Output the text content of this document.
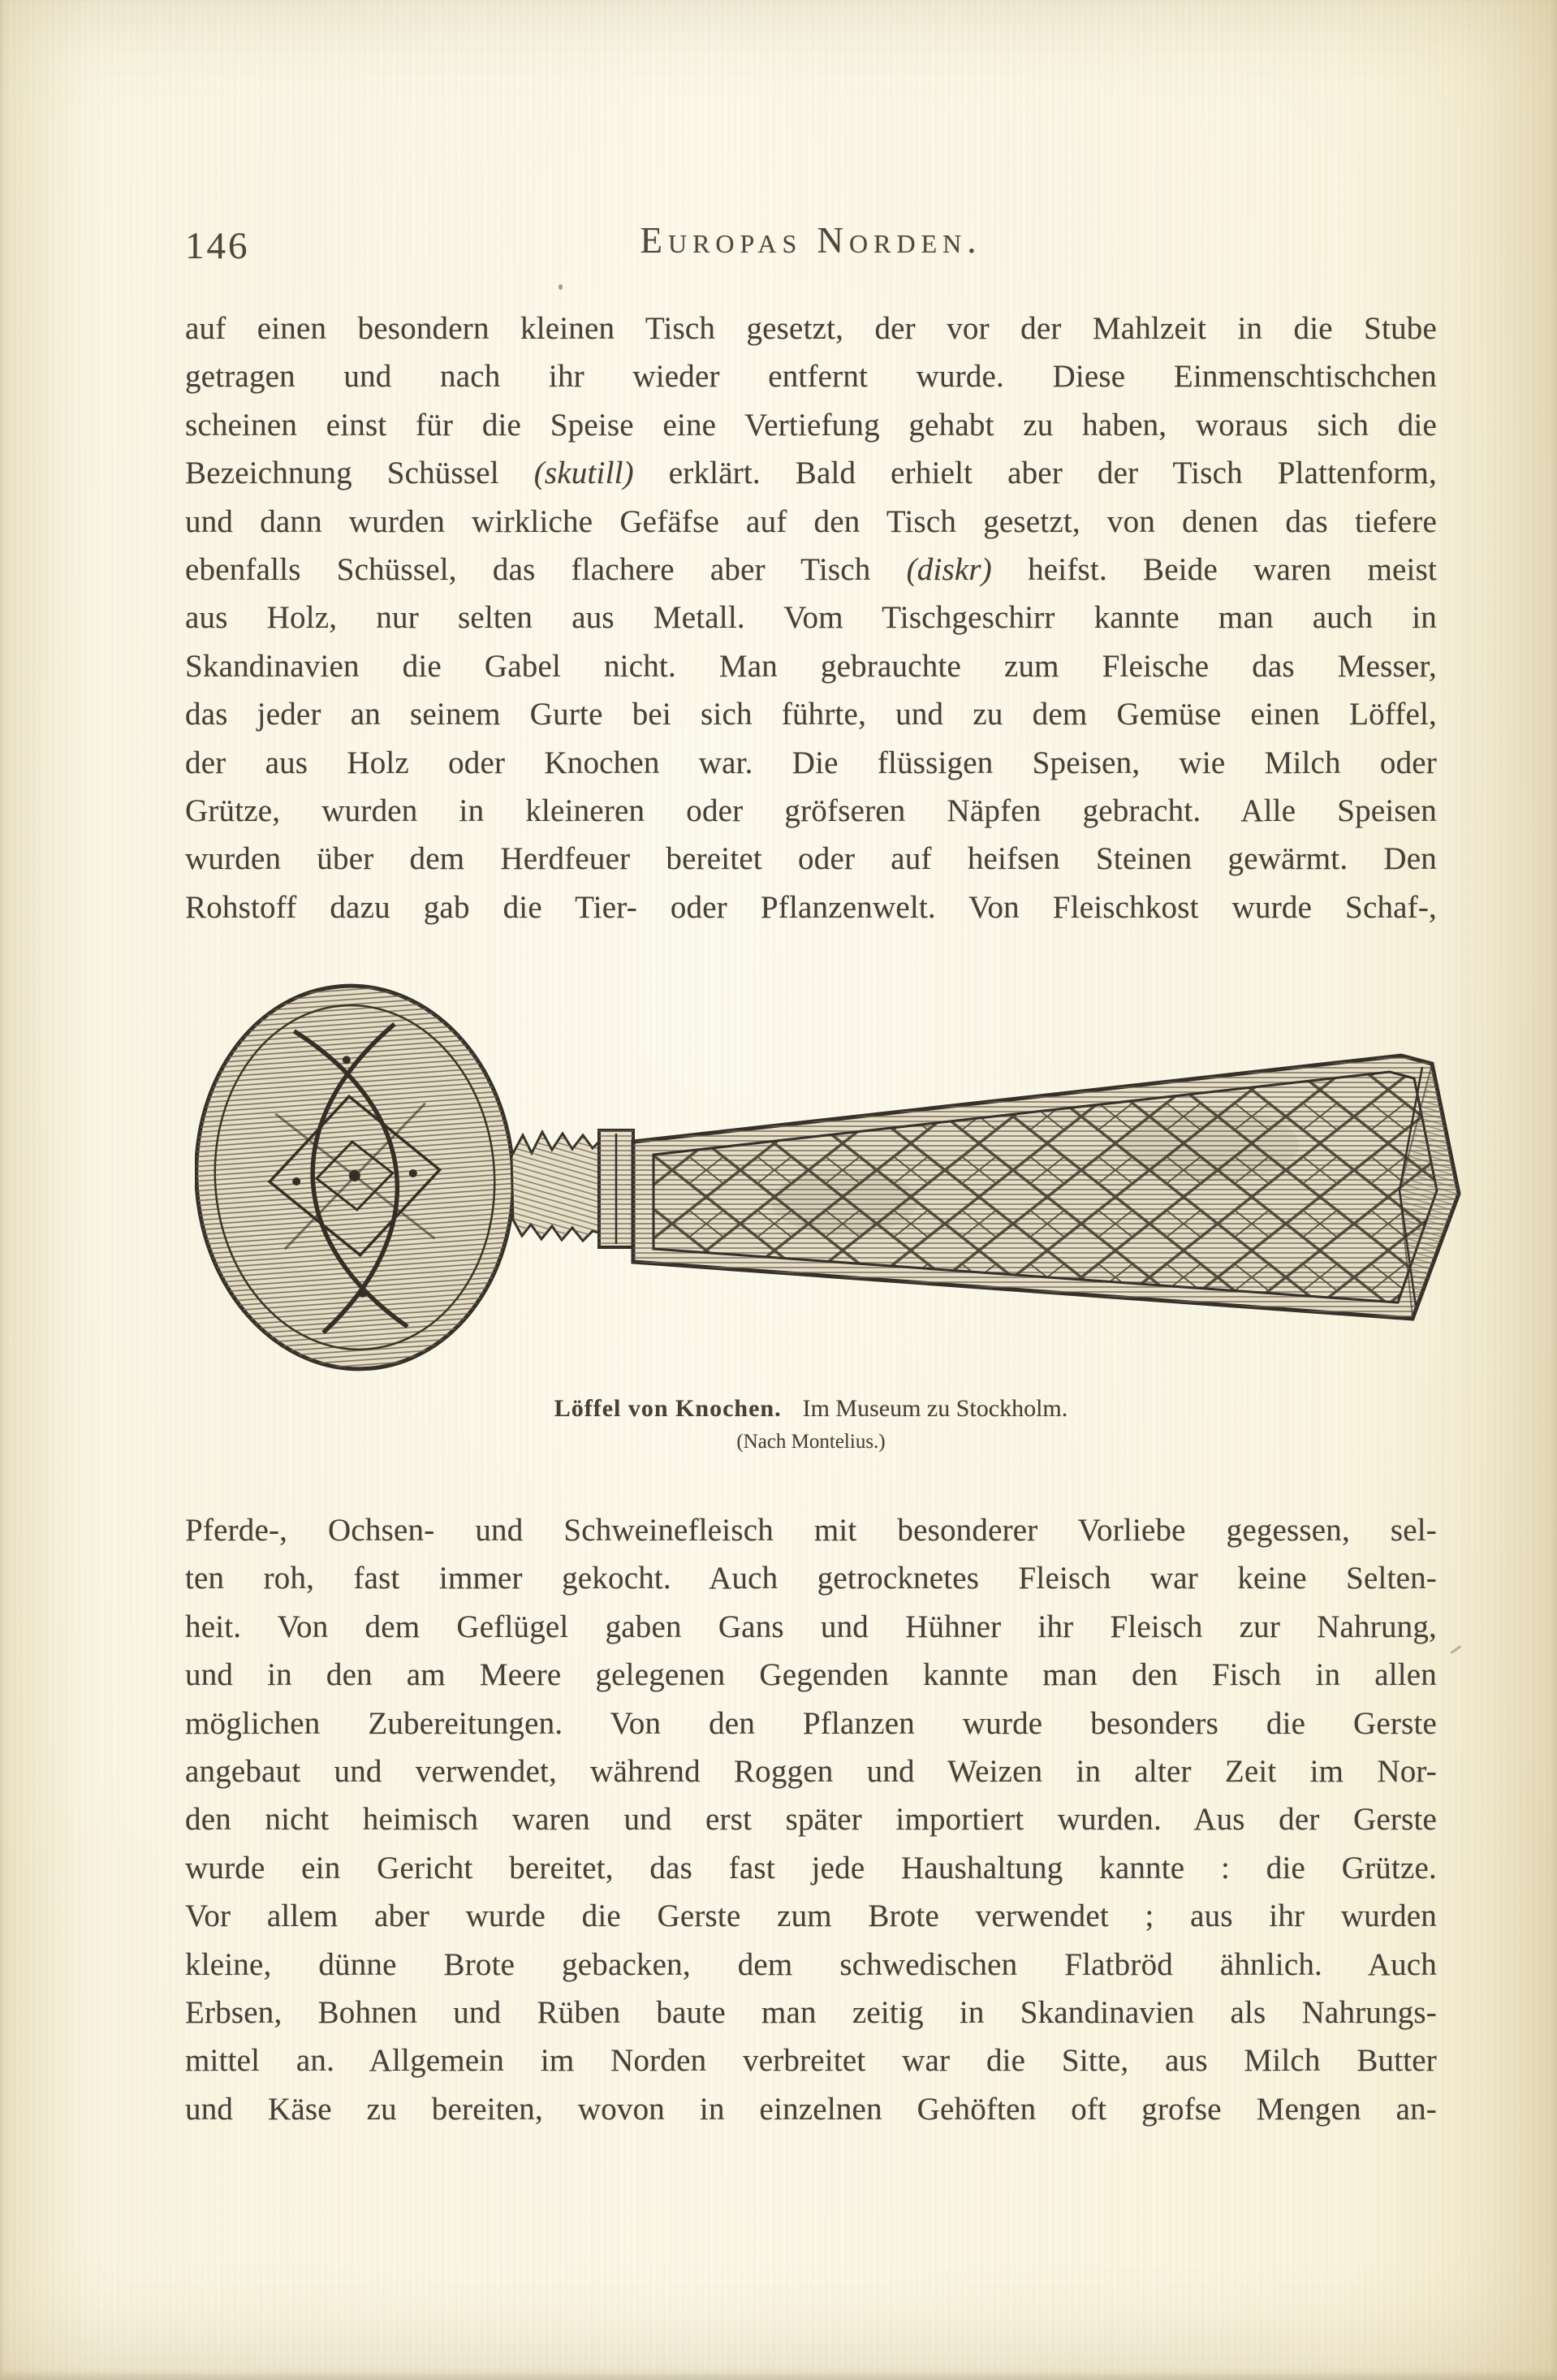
146	Europas Norden.
auf einen besondern kleinen Tisch gesetzt, der vor der Mahlzeit in die Stube
getragen und nach ihr wieder entfernt wurde. Diese Einmenschtischchen
scheinen einst für die Speise eine Vertiefung gehabt zu haben, woraus sich die
Bezeichnung Schüssel (skutill) erklärt. Bald erhielt aber der Tisch Plattenform,
und dann wurden wirkliche Gefäfse auf den Tisch gesetzt, von denen das tiefere
ebenfalls Schüssel, das flachere aber Tisch (diskr) heifst. Beide waren meist
aus Holz, nur selten aus Metall. Vom Tischgeschirr kannte man auch in
Skandinavien die Gabel nicht. Man gebrauchte zum Fleische das Messer,
das jeder an seinem Gurte bei sich führte, und zu dem Gemüse einen Löffel,
der aus Holz oder Knochen war. Die flüssigen Speisen, wie Milch oder
Grütze, wurden in kleineren oder gröfseren Näpfen gebracht. Alle Speisen
wurden über dem Herdfeuer bereitet oder auf heifsen Steinen gewärmt. Den
Rohstoff dazu gab die Tier- oder Pflanzenwelt. Von Fleischkost wurde Schaf-,
Löffel von Knochen. Im Museum zu Stockholm.
(Nach Montelius.)
Pferde-, Ochsen- und Schweinefleisch mit besonderer Vorliebe gegessen, sel-
ten roh, fast immer gekocht. Auch getrocknetes Fleisch war keine Selten-
heit. Von dem Geflügel gaben Gans und Hühner ihr Fleisch zur Nahrung,
und in den am Meere gelegenen Gegenden kannte man den Fisch in allen
möglichen Zubereitungen. Von den Pflanzen wurde besonders die Gerste
angebaut und verwendet, während Roggen und Weizen in alter Zeit im Nor-
den nicht heimisch waren und erst später importiert wurden. Aus der Gerste
wurde ein Gericht bereitet, das fast jede Haushaltung kannte : die Grütze.
Vor allem aber wurde die Gerste zum Brote verwendet ; aus ihr wurden
kleine, dünne Brote gebacken, dem schwedischen Flatbröd ähnlich. Auch
Erbsen, Bohnen und Rüben baute man zeitig in Skandinavien als Nahrungs-
mittel an. Allgemein im Norden verbreitet war die Sitte, aus Milch Butter
und Käse zu bereiten, wovon in einzelnen Gehöften oft grofse Mengen an-
